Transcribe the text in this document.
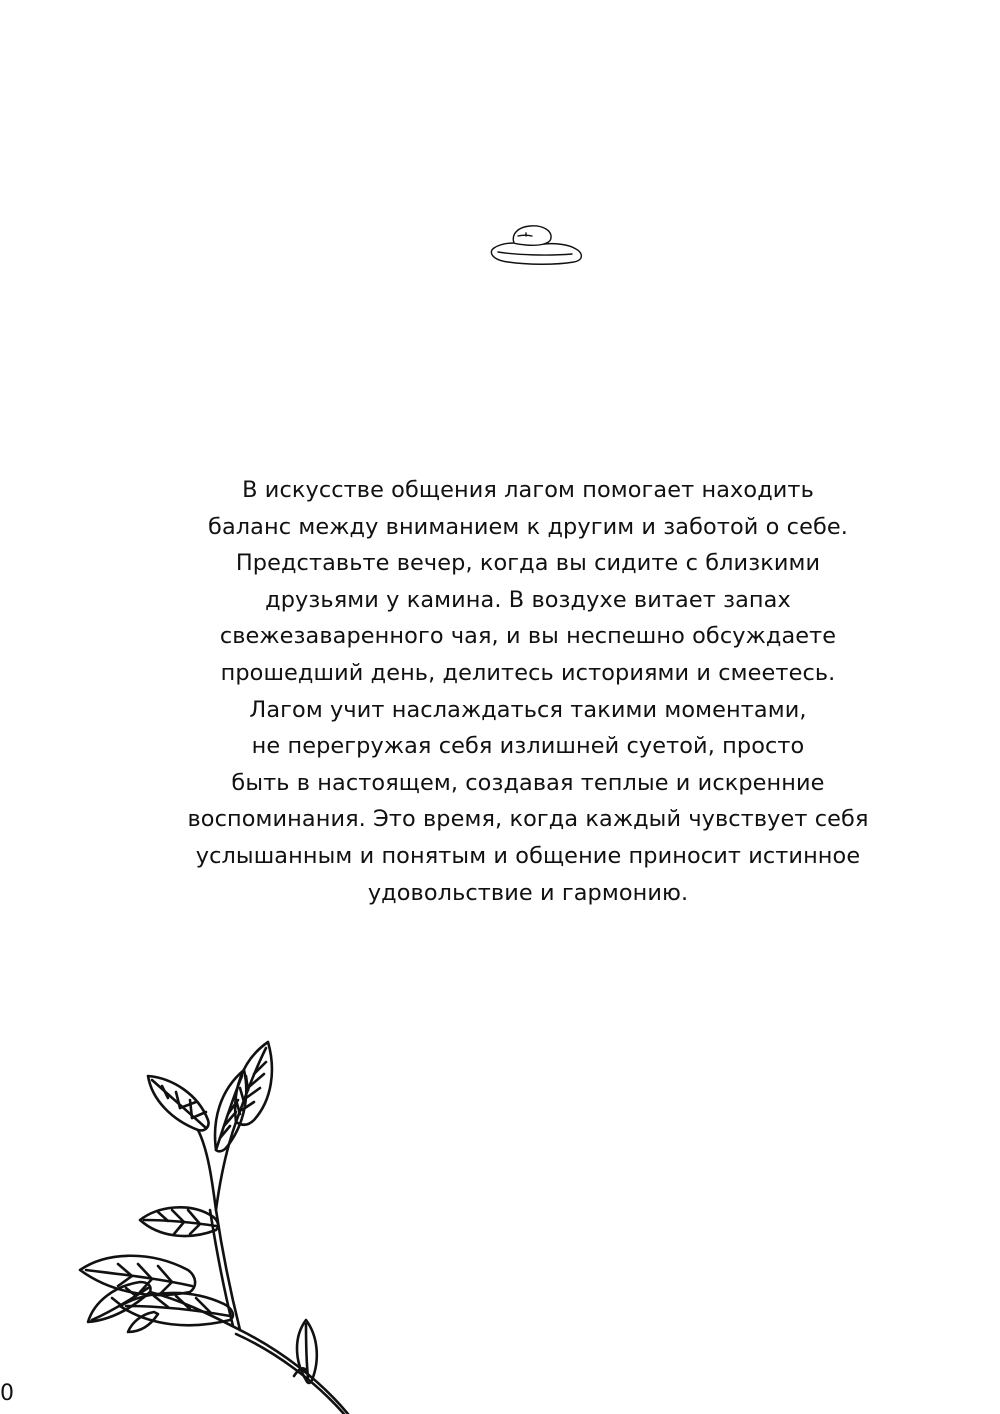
В искусстве общения лагом помогает находить
баланс между вниманием к другим и заботой о себе.
Представьте вечер, когда вы сидите с близкими
друзьями у камина. В воздухе витает запах
свежезаваренного чая, и вы неспешно обсуждаете
прошедший день, делитесь историями и смеетесь.
Лагом учит наслаждаться такими моментами,
не перегружая себя излишней суетой, просто
быть в настоящем, создавая теплые и искренние
воспоминания. Это время, когда каждый чувствует себя
услышанным и понятым и общение приносит истинное
удовольствие и гармонию.

0
